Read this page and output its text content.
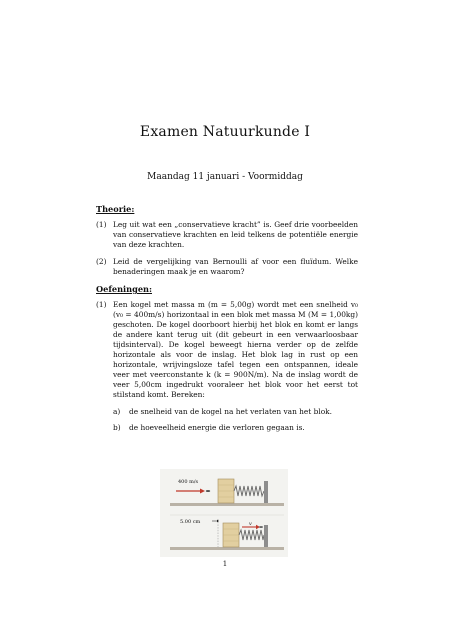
Examen Natuurkunde I
Maandag 11 januari - Voormiddag
Theorie:
(1) Leg uit wat een „conservatieve kracht” is. Geef drie voorbeelden van conservatieve krachten en leid telkens de potentiële energie van deze krachten.

(2) Leid de vergelijking van Bernoulli af voor een fluïdum. Welke benaderingen maak je en waarom?

Oefeningen:
(1) Een kogel met massa m (m = 5,00g) wordt met een snelheid v₀ (v₀ = 400m/s) horizontaal in een blok met massa M (M = 1,00kg) geschoten. De kogel doorboort hierbij het blok en komt er langs de andere kant terug uit (dit gebeurt in een verwaarloosbaar tijdsinterval). De kogel beweegt hierna verder op de zelfde horizontale als voor de inslag. Het blok lag in rust op een horizontale, wrijvingsloze tafel tegen een ontspannen, ideale veer met veerconstante k (k = 900N/m). Na de inslag wordt de veer 5,00cm ingedrukt vooraleer het blok voor het eerst tot stilstand komt. Bereken:

a) de snelheid van de kogel na het verlaten van het blok.
b) de hoeveelheid energie die verloren gegaan is.
400 m/s
5.00 cm	v
1
